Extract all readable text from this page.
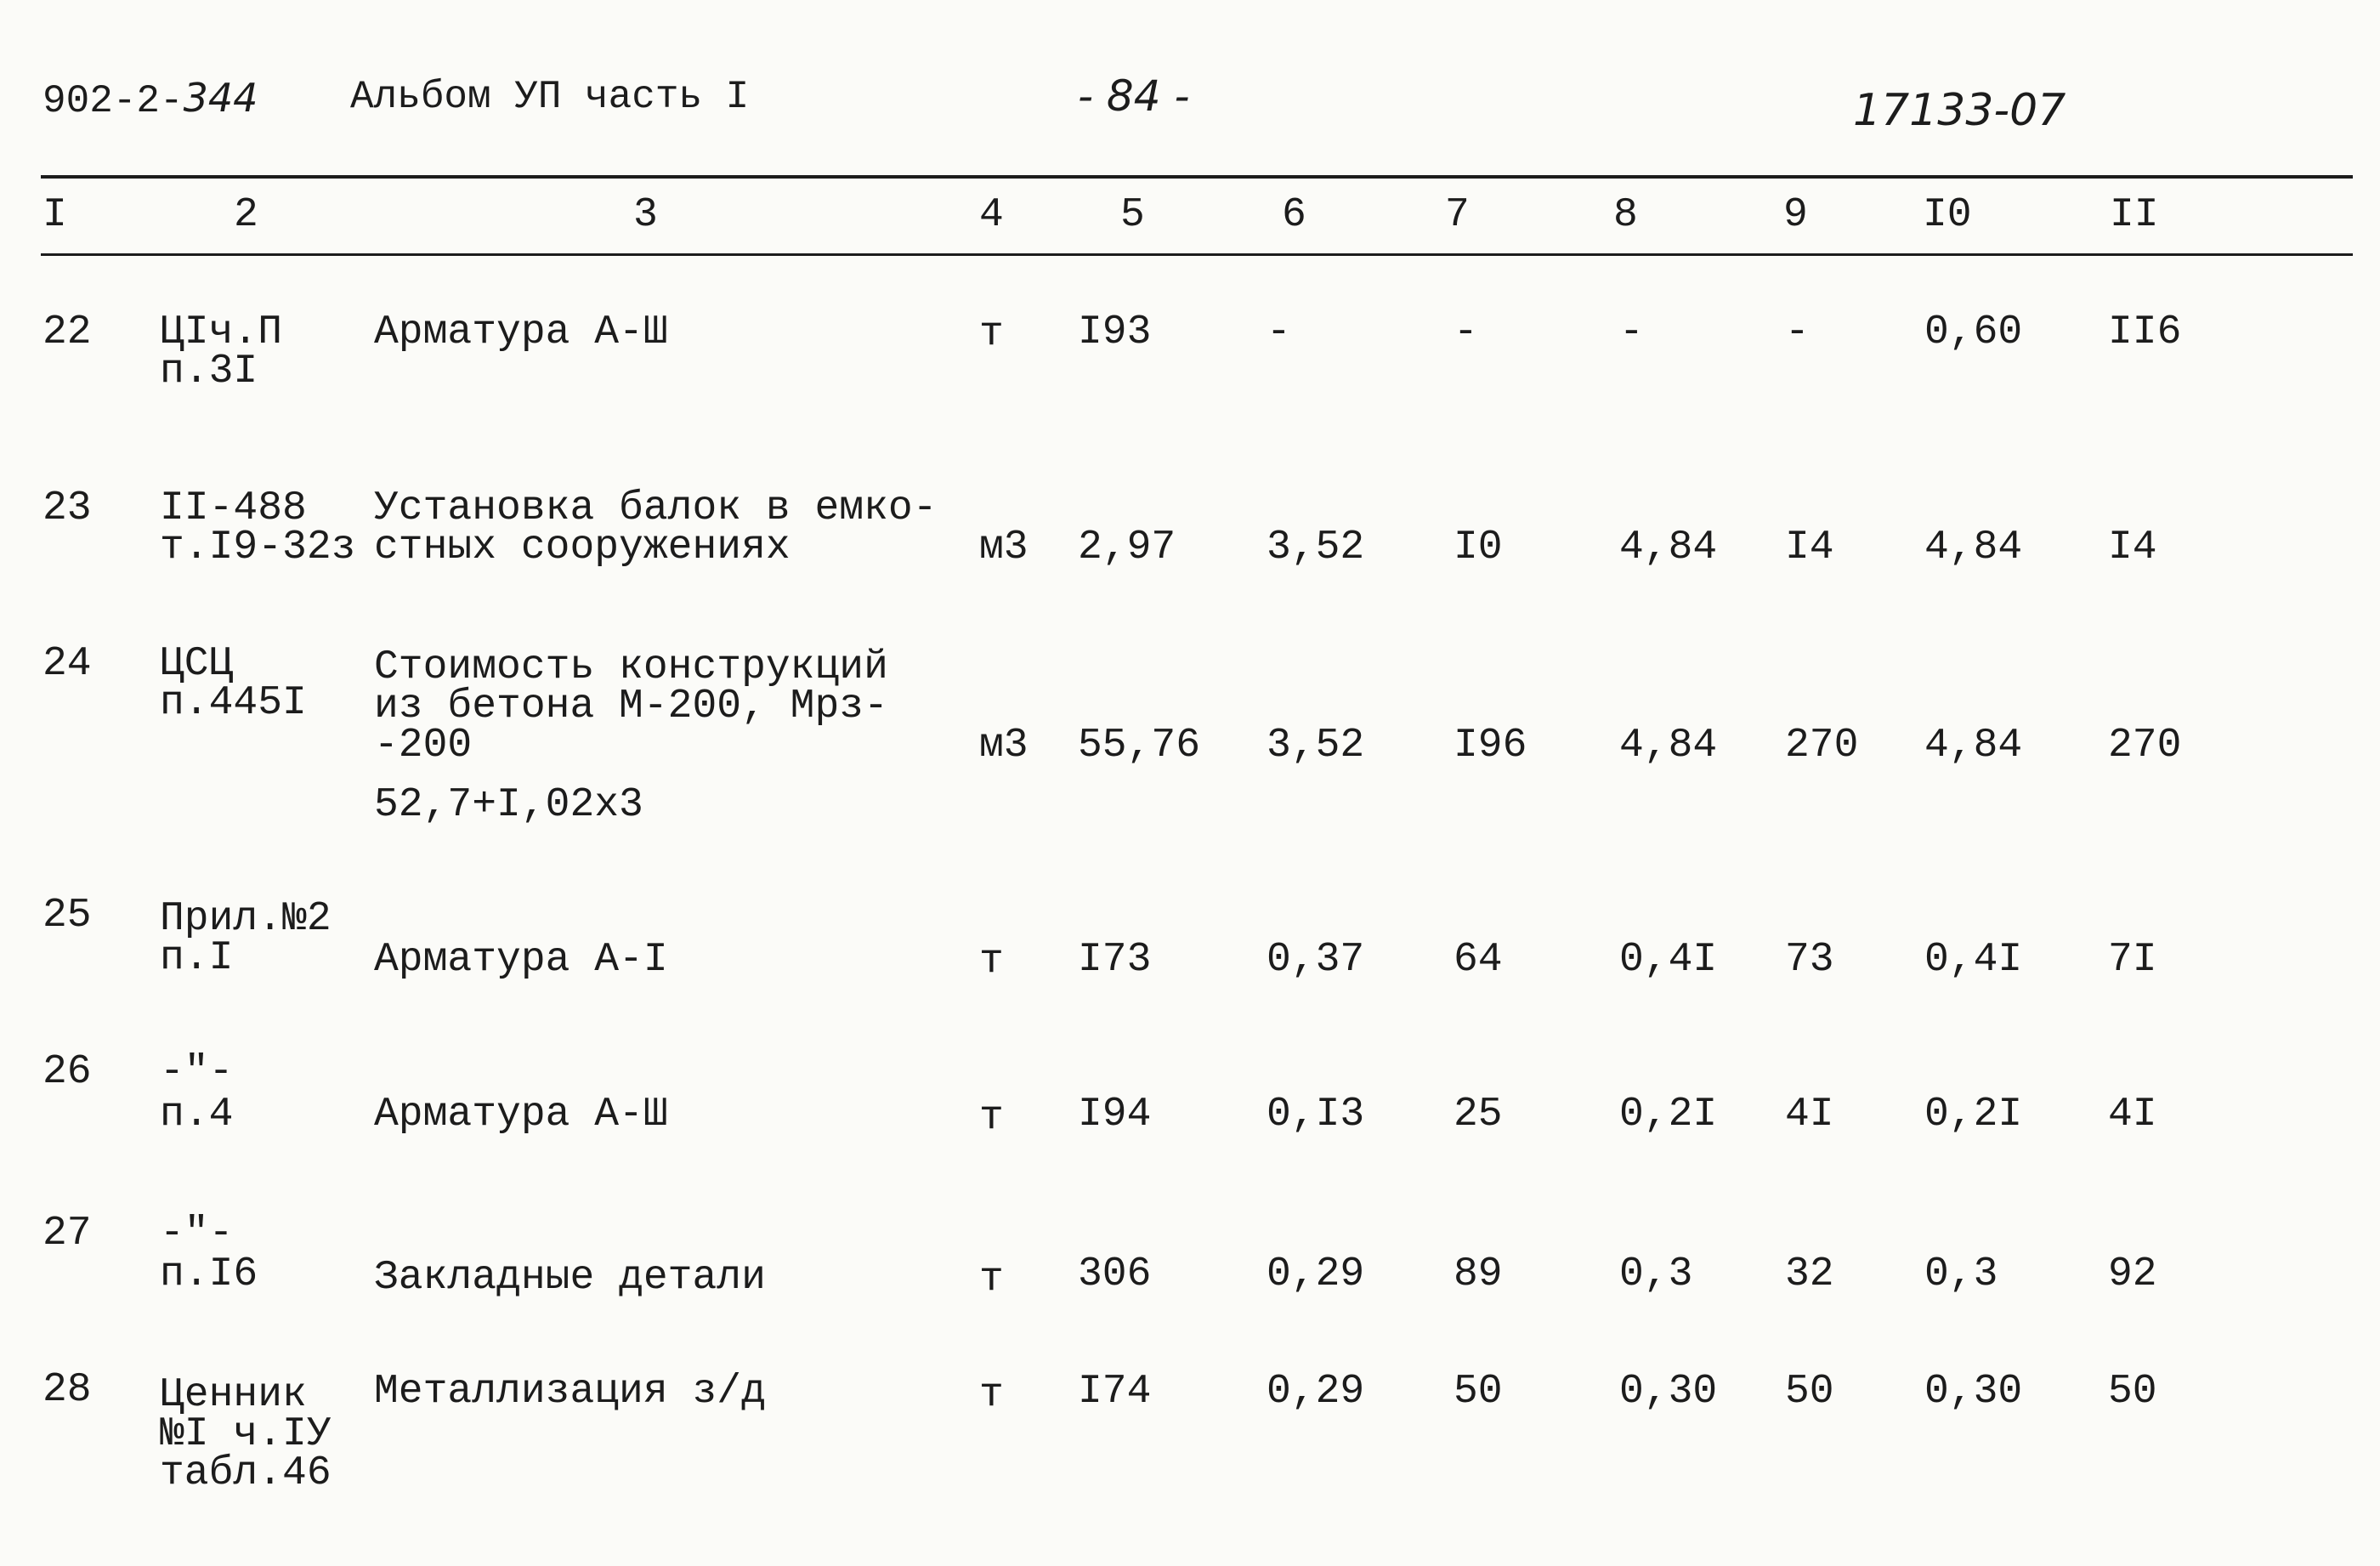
902-2-344 Альбом УП часть I	- 84 -	17133-07
I	2	3	4	5	6	7	8	9	I0	II
22 ЦIч.П
п.3I
Арматура А-Ш	т I93	-	-	-	-	0,60 II6
23 II-488
т.I9-32з
Установка балок в емко-
стных сооружениях	м3 2,97 3,52 I0	4,84 I4 4,84 I4
24 ЦСЦ
п.445I
Стоимость конструкций
из бетона М-200, Мрз-
-200
52,7+I,02х3
м3 55,76 3,52 I96 4,84 270 4,84 270
25 Прил.№2
п.I	Арматура А-I	т I73	0,37 64	0,4I 73 0,4I 7I
26 -"-
п.4	Арматура А-Ш	т I94	0,I3 25	0,2I 4I 0,2I 4I
27 -"-
п.I6	Закладные детали	т 306	0,29 89	0,3 32 0,3	92
28 Ценник
№I ч.IУ
табл.46
Металлизация з/д	т I74	0,29 50	0,30 50 0,30 50
